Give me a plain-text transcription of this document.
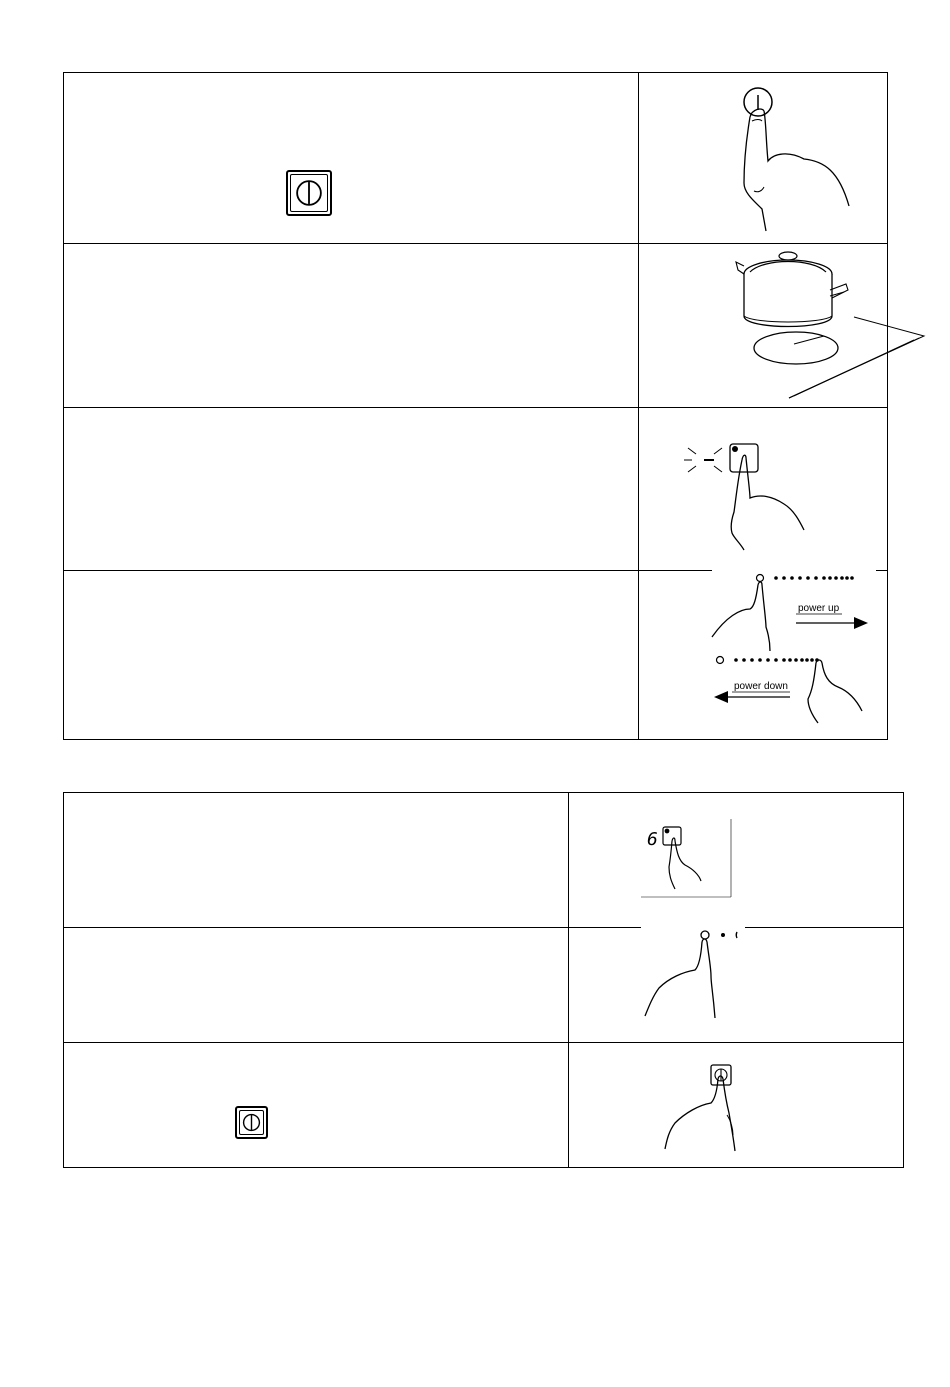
power up
power down
6
